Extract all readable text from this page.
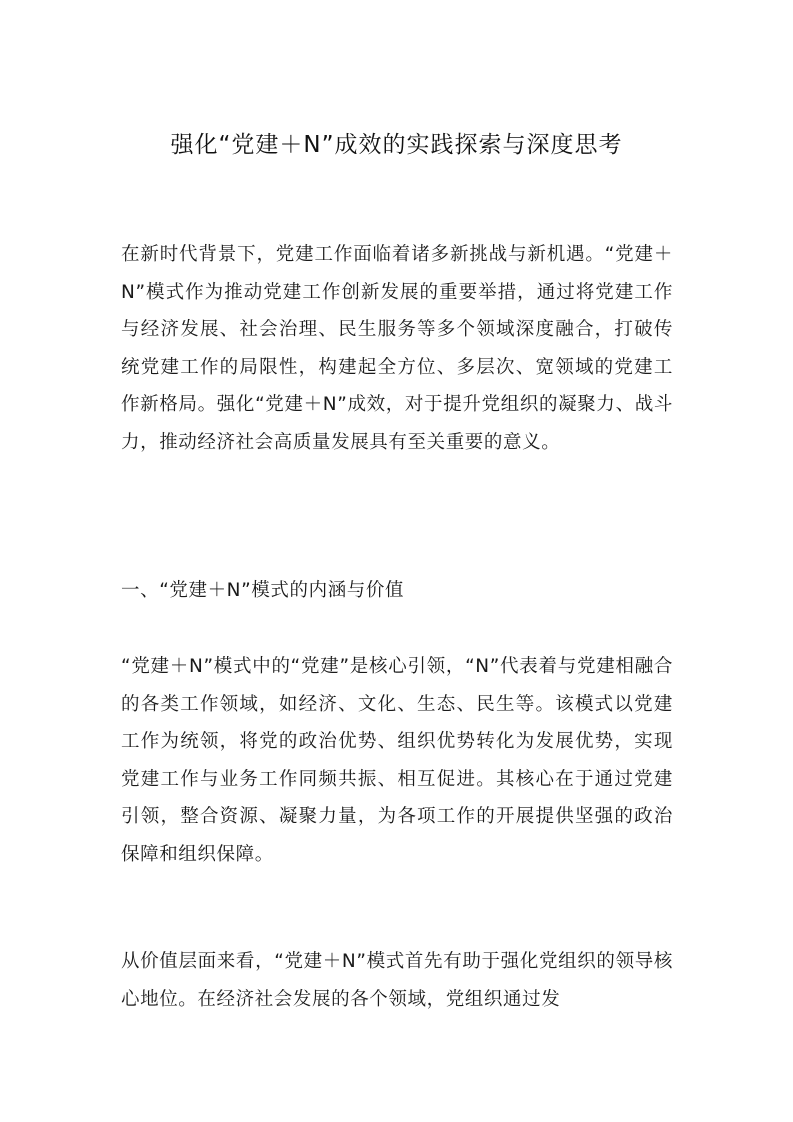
强化“党建＋N”成效的实践探索与深度思考

在新时代背景下，党建工作面临着诸多新挑战与新机遇。“党建＋N”模式作为推动党建工作创新发展的重要举措，通过将党建工作与经济发展、社会治理、民生服务等多个领域深度融合，打破传统党建工作的局限性，构建起全方位、多层次、宽领域的党建工作新格局。强化“党建＋N”成效，对于提升党组织的凝聚力、战斗力，推动经济社会高质量发展具有至关重要的意义。

一、“党建＋N”模式的内涵与价值

“党建＋N”模式中的“党建”是核心引领，“N”代表着与党建相融合的各类工作领域，如经济、文化、生态、民生等。该模式以党建工作为统领，将党的政治优势、组织优势转化为发展优势，实现党建工作与业务工作同频共振、相互促进。其核心在于通过党建引领，整合资源、凝聚力量，为各项工作的开展提供坚强的政治保障和组织保障。

从价值层面来看，“党建＋N”模式首先有助于强化党组织的领导核心地位。在经济社会发展的各个领域，党组织通过发
